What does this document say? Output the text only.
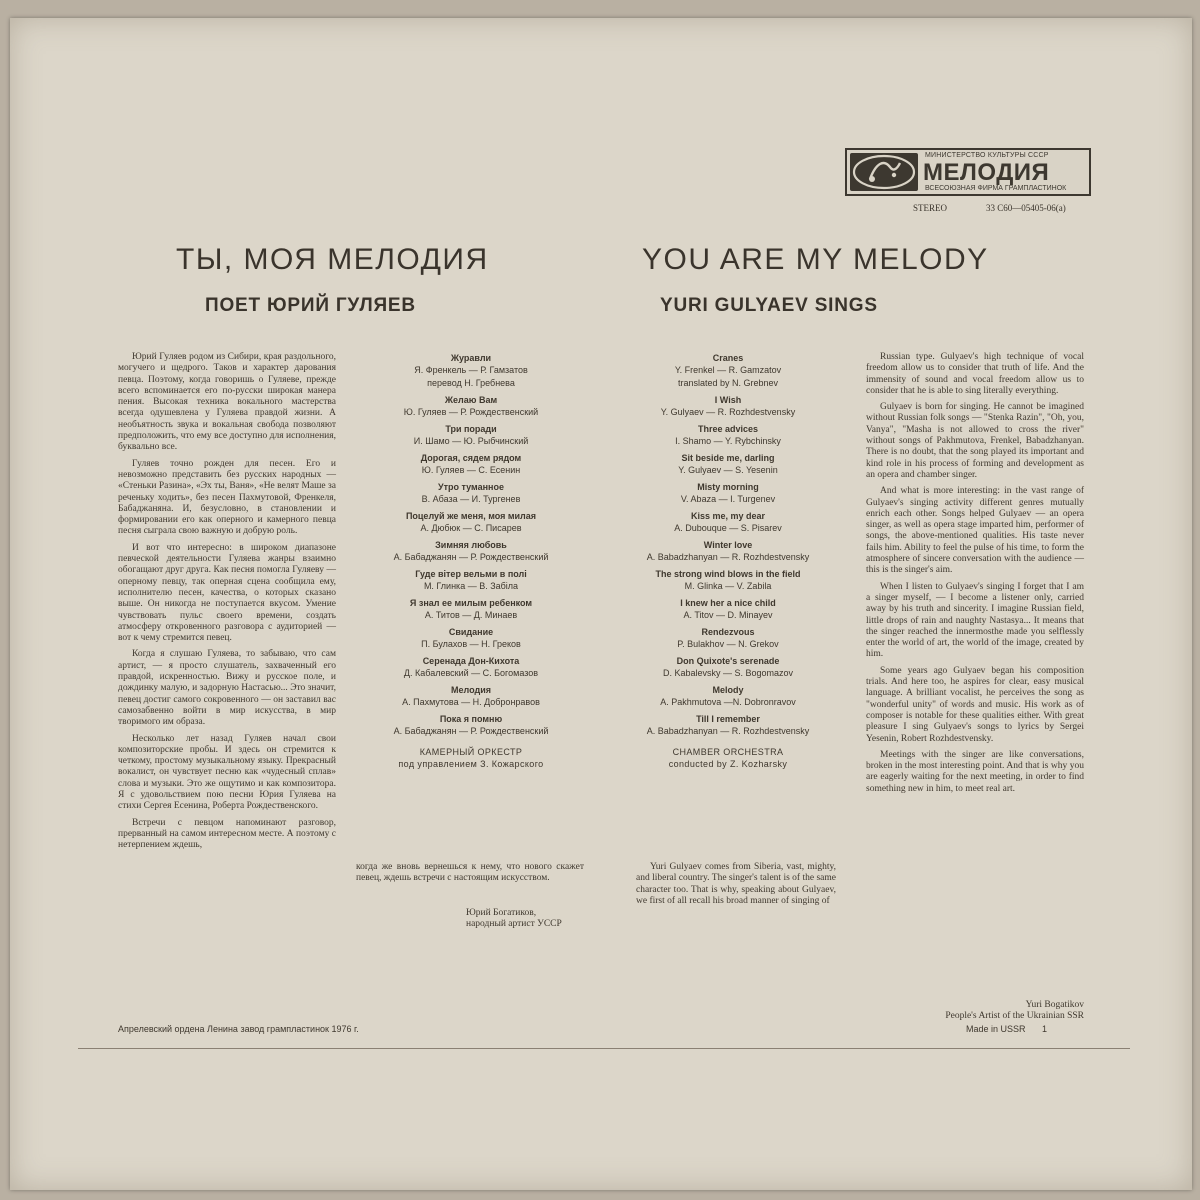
МИНИСТЕРСТВО КУЛЬТУРЫ СССР
МЕЛОДИЯ
ВСЕСОЮЗНАЯ ФИРМА ГРАМПЛАСТИНОК
STEREO	33 С60—05405-06(а)
ТЫ, МОЯ МЕЛОДИЯ
ПОЕТ ЮРИЙ ГУЛЯЕВ
YOU ARE MY MELODY
YURI GULYAEV SINGS

Юрий Гуляев родом из Сибири, края раздольного, могучего и щедрого. Таков и характер дарования певца. Поэтому, когда говоришь о Гуляеве, прежде всего вспоминается его по-русски широкая манера пения. Высокая техника вокального мастерства всегда одушевлена у Гуляева правдой жизни. А необъятность звука и вокальная свобода позволяют предположить, что ему все доступно для исполнения, буквально все.

Гуляев точно рожден для песен. Его и невозможно представить без русских народных — «Стеньки Разина», «Эх ты, Ваня», «Не велят Маше за реченьку ходить», без песен Пахмутовой, Френкеля, Бабаджаняна. И, безусловно, в становлении и формировании его как оперного и камерного певца песня сыграла свою важную и добрую роль.

И вот что интересно: в широком диапазоне певческой деятельности Гуляева жанры взаимно обогащают друг друга. Как песня помогла Гуляеву — оперному певцу, так оперная сцена сообщила ему, исполнителю песен, качества, о которых сказано выше. Он никогда не поступается вкусом. Умение чувствовать пульс своего времени, создать атмосферу откровенного разговора с аудиторией — вот к чему стремится певец.

Когда я слушаю Гуляева, то забываю, что сам артист, — я просто слушатель, захваченный его правдой, искренностью. Вижу и русское поле, и дождинку малую, и задорную Настасью... Это значит, певец достиг самого сокровенного — он заставил вас самозабвенно войти в мир искусства, в мир творимого им образа.

Несколько лет назад Гуляев начал свои композиторские пробы. И здесь он стремится к четкому, простому музыкальному языку. Прекрасный вокалист, он чувствует песню как «чудесный сплав» слова и музыки. Это же ощутимо и как композитора. Я с удовольствием пою песни Юрия Гуляева на стихи Сергея Есенина, Роберта Рождественского.

Встречи с певцом напоминают разговор, прерванный на самом интересном месте. А поэтому с нетерпением ждешь,

Журавли
Я. Френкель — Р. Гамзатов
перевод Н. Гребнева
Желаю Вам
Ю. Гуляев — Р. Рождественский
Три поради
И. Шамо — Ю. Рыбчинский
Дорогая, сядем рядом
Ю. Гуляев — С. Есенин
Утро туманное
В. Абаза — И. Тургенев
Поцелуй же меня, моя милая
А. Дюбюк — С. Писарев
Зимняя любовь
А. Бабаджанян — Р. Рождественский
Гуде вітер вельми в полі
М. Глинка — В. Забіла
Я знал ее милым ребенком
А. Титов — Д. Минаев
Свидание
П. Булахов — Н. Греков
Серенада Дон-Кихота
Д. Кабалевский — С. Богомазов
Мелодия
А. Пахмутова — Н. Добронравов
Пока я помню
А. Бабаджанян — Р. Рождественский
КАМЕРНЫЙ ОРКЕСТР
под управлением З. Кожарского

когда же вновь вернешься к нему, что нового скажет певец, ждешь встречи с настоящим искусством.

Юрий Богатиков,
народный артист УССР
Cranes
Y. Frenkel — R. Gamzatov
translated by N. Grebnev
I Wish
Y. Gulyaev — R. Rozhdestvensky
Three advices
I. Shamo — Y. Rybchinsky
Sit beside me, darling
Y. Gulyaev — S. Yesenin
Misty morning
V. Abaza — I. Turgenev
Kiss me, my dear
A. Dubouque — S. Pisarev
Winter love
A. Babadzhanyan — R. Rozhdestvensky
The strong wind blows in the field
M. Glinka — V. Zabila
I knew her a nice child
A. Titov — D. Minayev
Rendezvous
P. Bulakhov — N. Grekov
Don Quixote's serenade
D. Kabalevsky — S. Bogomazov
Melody
A. Pakhmutova —N. Dobronravov
Till I remember
A. Babadzhanyan — R. Rozhdestvensky
CHAMBER ORCHESTRA
conducted by Z. Kozharsky

Yuri Gulyaev comes from Siberia, vast, mighty, and liberal country. The singer's talent is of the same character too. That is why, speaking about Gulyaev, we first of all recall his broad manner of singing of

Russian type. Gulyaev's high technique of vocal freedom allow us to consider that truth of life. And the immensity of sound and vocal freedom allow us to consider that he is able to sing literally everything.

Gulyaev is born for singing. He cannot be imagined without Russian folk songs — "Stenka Razin", "Oh, you, Vanya", "Masha is not allowed to cross the river" without songs of Pakhmutova, Frenkel, Babadzhanyan. There is no doubt, that the song played its important and kind role in his process of forming and development as an opera and chamber singer.

And what is more interesting: in the vast range of Gulyaev's singing activity different genres mutually enrich each other. Songs helped Gulyaev — an opera singer, as well as opera stage imparted him, performer of songs, the above-mentioned qualities. His taste never fails him. Ability to feel the pulse of his time, to form the atmosphere of sincere conversation with the audience — this is the singer's aim.

When I listen to Gulyaev's singing I forget that I am a singer myself, — I become a listener only, carried away by his truth and sincerity. I imagine Russian field, little drops of rain and naughty Nastasya... It means that the singer reached the innermosthe made you selflessly enter the world of art, the world of the image, created by him.

Some years ago Gulyaev began his composition trials. And here too, he aspires for clear, easy musical language. A brilliant vocalist, he perceives the song as "wonderful unity" of words and music. His work as of composer is notable for these qualities either. With great pleasure I sing Gulyaev's songs to lyrics by Sergei Yesenin, Robert Rozhdestvensky.

Meetings with the singer are like conversations, broken in the most interesting point. And that is why you are eagerly waiting for the next meeting, in order to find something new in him, to meet real art.

Yuri Bogatikov
People's Artist of the Ukrainian SSR
Апрелевский ордена Ленина завод грампластинок 1976 г.	Made in USSR 1
